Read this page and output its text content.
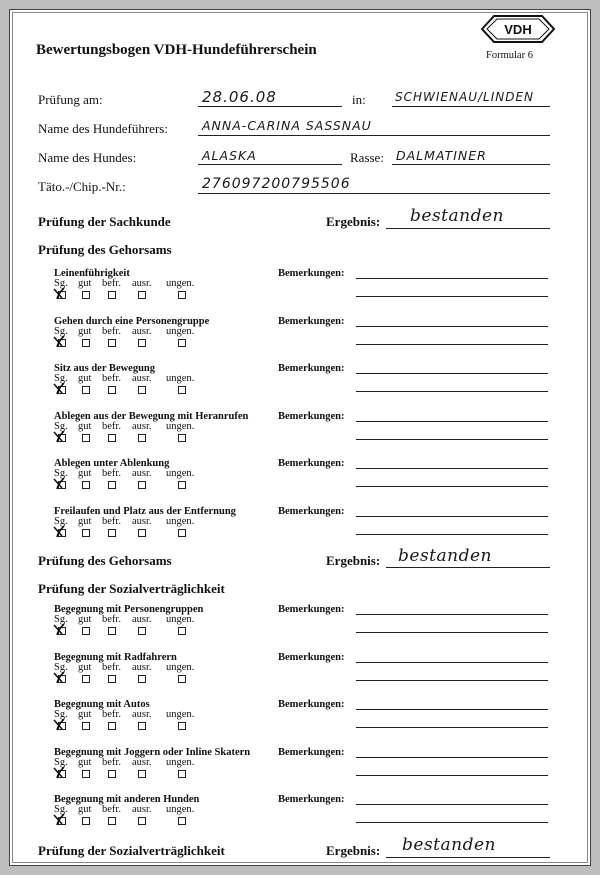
Bewertungsbogen VDH-Hundeführerschein
VDH
Formular 6
Prüfung am:	28.06.08	in: SCHWIENAU/LINDEN
Name des Hundeführers:	ANNA-CARINA SASSNAU
Name des Hundes:	ALASKA	Rasse: DALMATINER
Täto.-/Chip.-Nr.:	276097200795506
Prüfung der Sachkunde	Ergebnis: bestanden
Prüfung des Gehorsams
Leinenführigkeit
Sg. gut befr. ausr. ungen.
Bemerkungen:
Gehen durch eine Personengruppe
Sg. gut befr. ausr. ungen.
Bemerkungen:
Sitz aus der Bewegung
Sg. gut befr. ausr. ungen.
Bemerkungen:
Ablegen aus der Bewegung mit Heranrufen
Sg. gut befr. ausr. ungen.
Bemerkungen:
Ablegen unter Ablenkung
Sg. gut befr. ausr. ungen.
Bemerkungen:
Freilaufen und Platz aus der Entfernung
Sg. gut befr. ausr. ungen.
Bemerkungen:
Prüfung des Gehorsams	Ergebnis: bestanden
Prüfung der Sozialverträglichkeit
Begegnung mit Personengruppen
Sg. gut befr. ausr. ungen.
Bemerkungen:
Begegnung mit Radfahrern
Sg. gut befr. ausr. ungen.
Bemerkungen:
Begegnung mit Autos
Sg. gut befr. ausr. ungen.
Bemerkungen:
Begegnung mit Joggern oder Inline Skatern
Sg. gut befr. ausr. ungen.
Bemerkungen:
Begegnung mit anderen Hunden
Sg. gut befr. ausr. ungen.
Bemerkungen:
Prüfung der Sozialverträglichkeit	Ergebnis: bestanden
